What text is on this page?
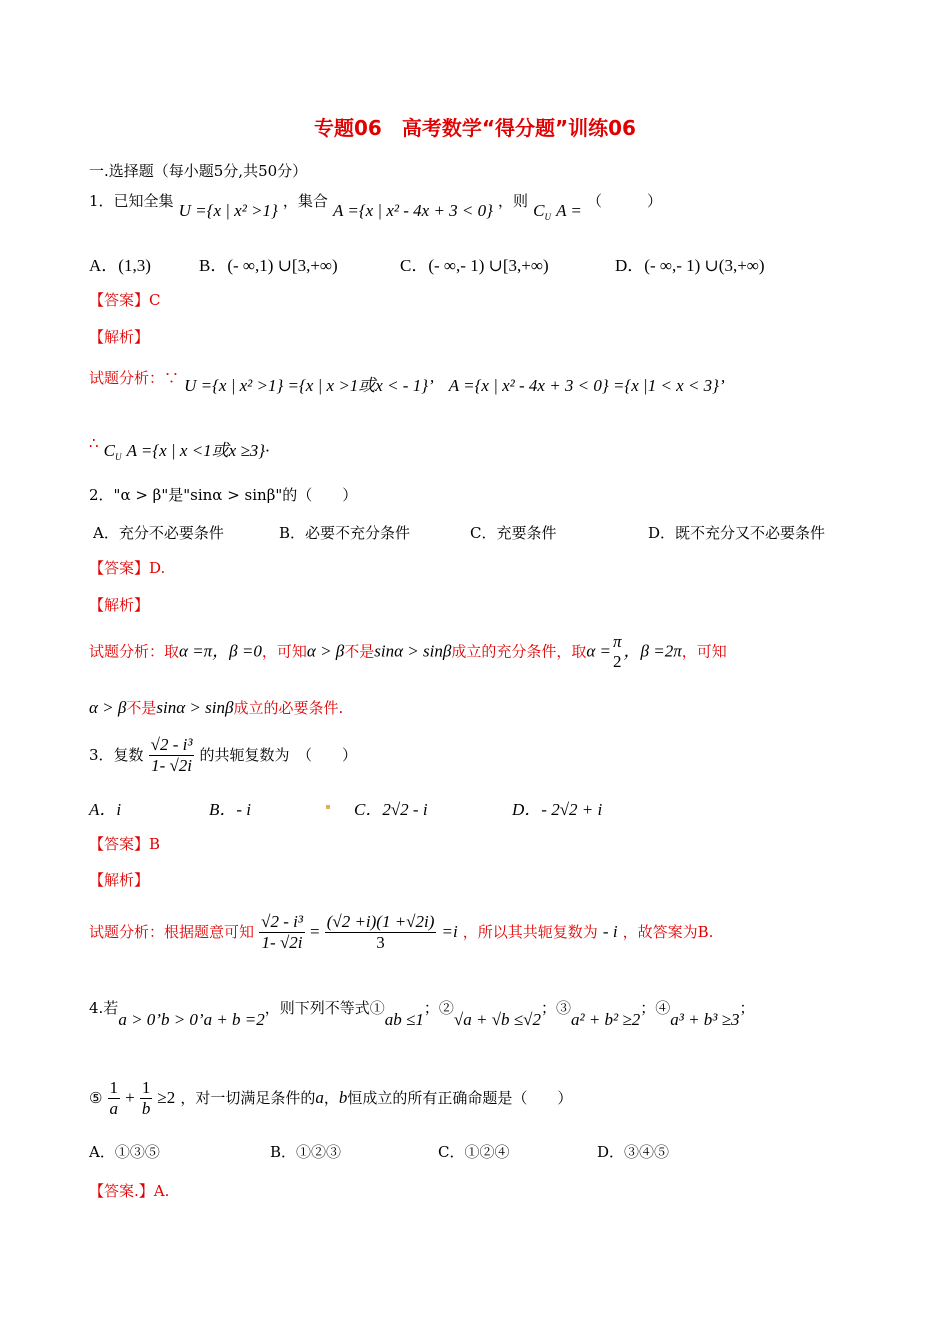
专题06　高考数学“得分题”训练06
一.选择题（每小题5分,共50分）
1．已知全集 U ={x | x² >1} ，集合 A ={x | x² - 4x + 3 < 0} ，则 $C_U$ A = （　　　）
A．(1,3)	B．(- ∞,1) ∪[3,+∞)	C．(- ∞,- 1) ∪[3,+∞)	D．(- ∞,- 1) ∪(3,+∞)
【答案】C
【解析】
试题分析：∵ U ={x | x² >1} ={x | x >1或x < - 1}’　A ={x | x² - 4x + 3 < 0} ={x |1 < x < 3}’
∴ $C_U$ A ={x | x <1或x ≥3}·
2．"α > β"是"sinα > sinβ"的（　　）
A．充分不必要条件	B．必要不充分条件	C．充要条件	D．既不充分又不必要条件
【答案】D.
【解析】
试题分析：取α =π，β =0，可知α > β不是sinα > sinβ成立的充分条件，取α = π
2
，β =2π，可知
α > β不是sinα > sinβ成立的必要条件.
3．复数 $\frac{\text{√2 - i³}}{1- √2i}$ 的共轭复数为　（　　）
A．i	B．- i	C．2√2 - i	D．- 2√2 + i
【答案】B
【解析】
试题分析：根据题意可知 $\frac{\text{√2 - i³}}{1- √2i} = \frac{(√2 +i)(1 +√2i)}{3} =i$ ，所以其共轭复数为 - i ，故答案为B.
4.若a > 0’b > 0’a + b =2，则下列不等式①ab ≤1；②√a + √b ≤√2；③a² + b² ≥2；④a³ + b³ ≥3；
⑤ $\frac{1}{a} + \frac{1}{b} \ge 2$ ，对一切满足条件的a，b恒成立的所有正确命题是（　　）
A．①③⑤	B．①②③	C．①②④	D．③④⑤
【答案.】A.
